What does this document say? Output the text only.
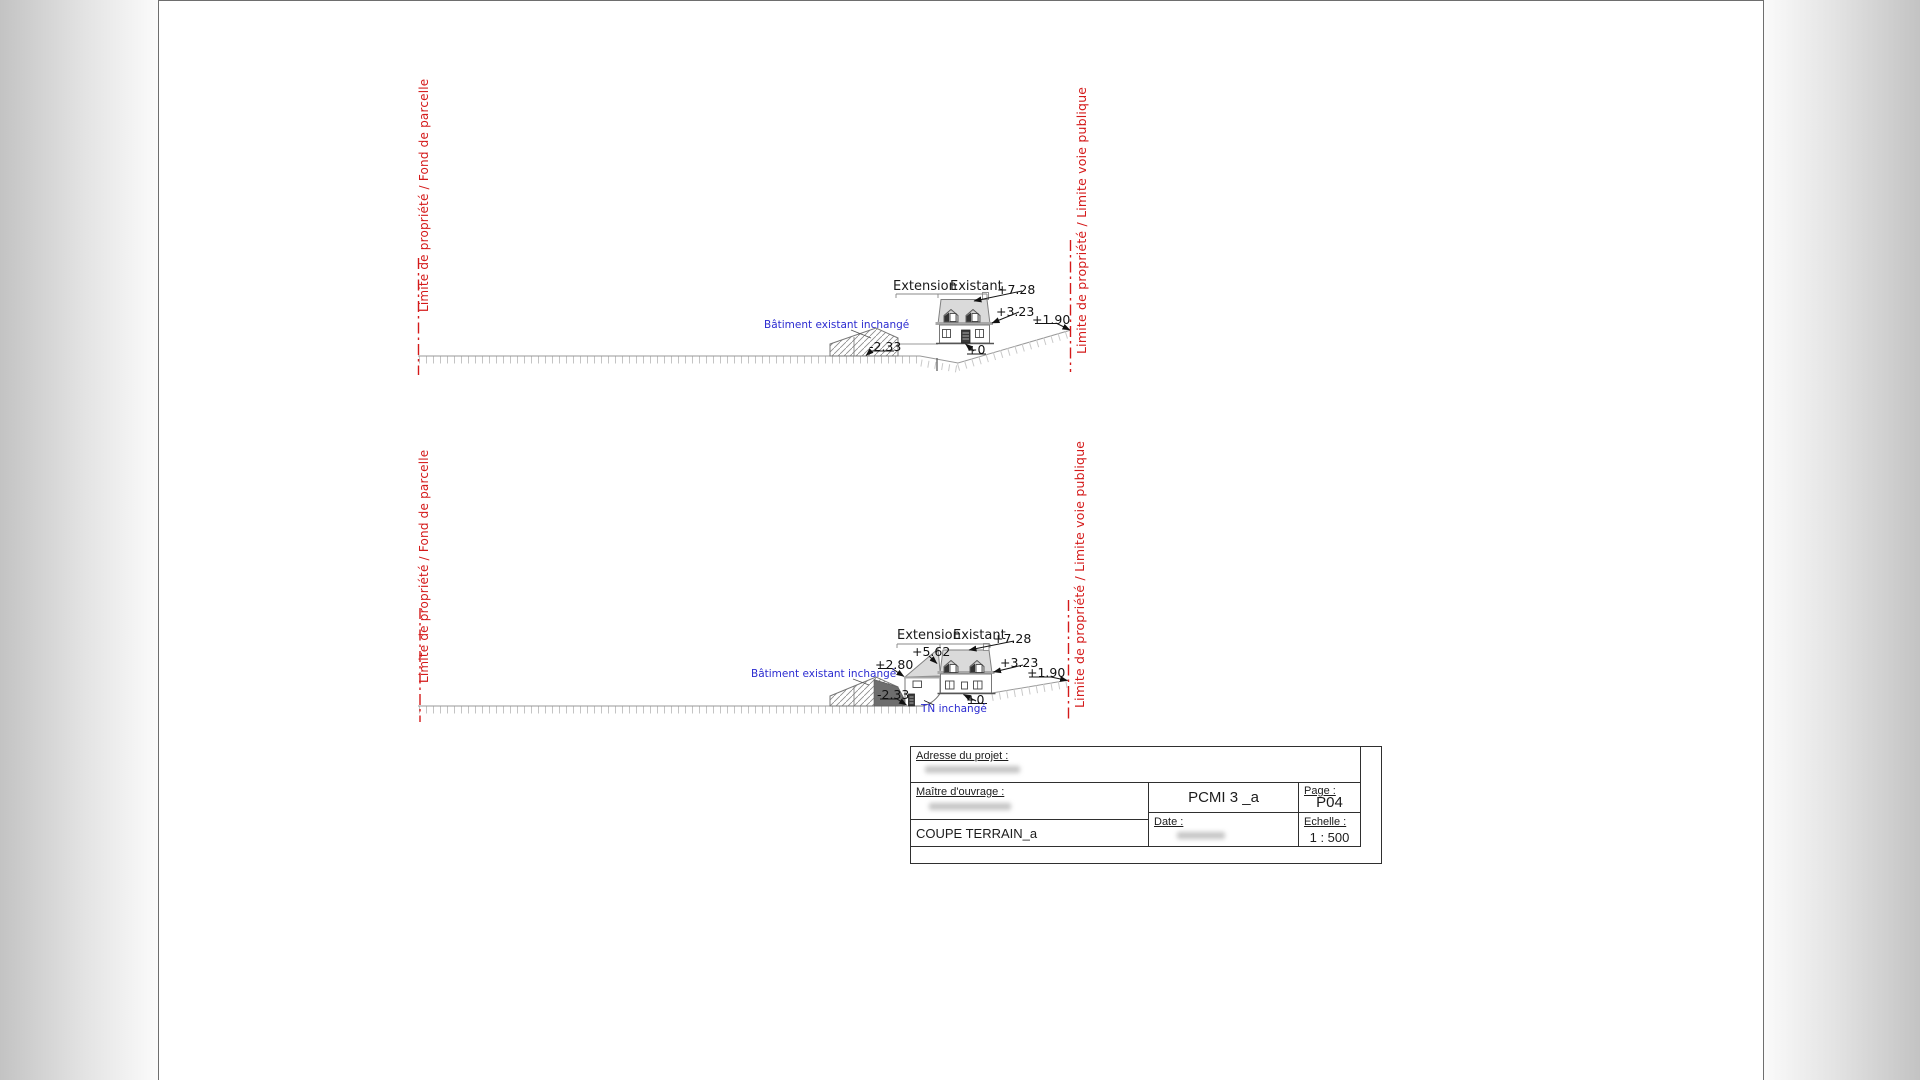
Limite de propriété / Fond de parcelle	Limite de propriété / Limite voie publique
Extension
Existant
+7.28
+3.23
+1.90
-2.33	+0
Bâtiment existant inchangé
Limite de propriété / Fond de parcelle	Limite de propriété / Limite voie publique
Extension
Existant
+7.28
+5.62
+2.80	+3.23
+1.90
-2.33	+0
Bâtiment existant inchangé
TN inchangé
Adresse du projet :
Maître d'ouvrage :
COUPE TERRAIN_a
PCMI 3 _a	Page :
P04
Date :	Echelle :
1 : 500
